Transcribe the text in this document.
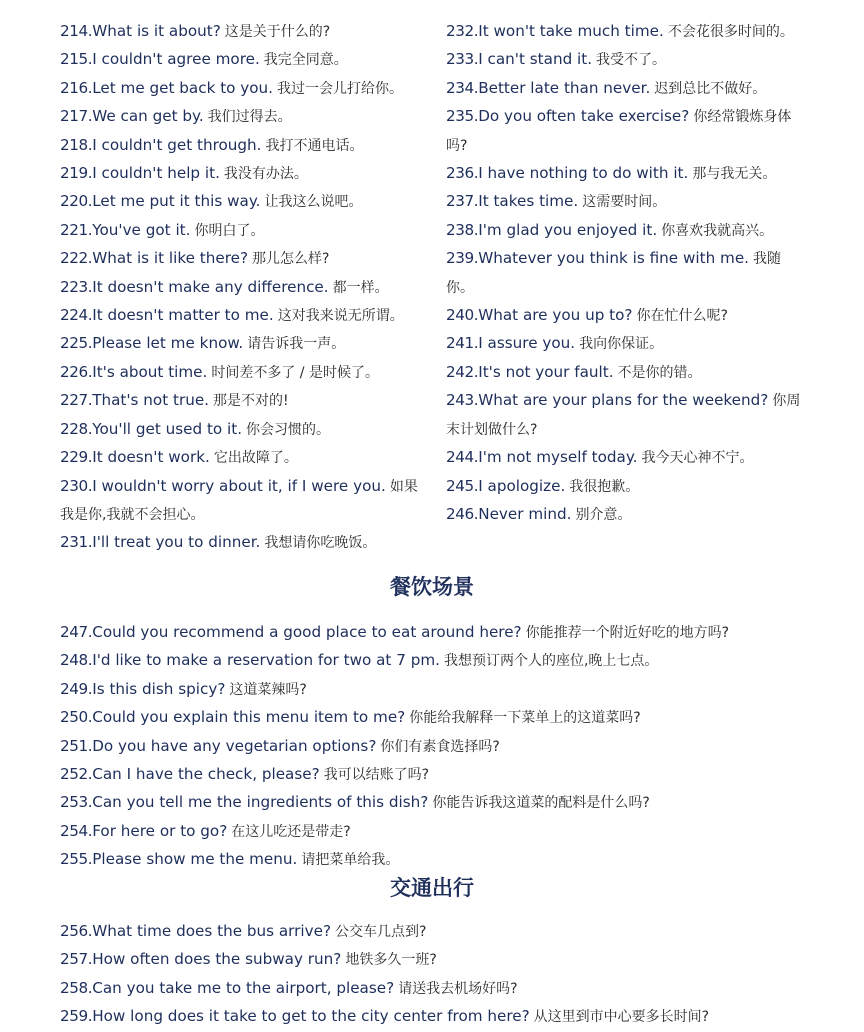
214.What is it about? 这是关于什么的?
215.I couldn't agree more. 我完全同意。
216.Let me get back to you. 我过一会儿打给你。
217.We can get by. 我们过得去。
218.I couldn't get through. 我打不通电话。
219.I couldn't help it. 我没有办法。
220.Let me put it this way. 让我这么说吧。
221.You've got it. 你明白了。
222.What is it like there? 那儿怎么样?
223.It doesn't make any difference. 都一样。
224.It doesn't matter to me. 这对我来说无所谓。
225.Please let me know. 请告诉我一声。
226.It's about time. 时间差不多了 / 是时候了。
227.That's not true. 那是不对的!
228.You'll get used to it. 你会习惯的。
229.It doesn't work. 它出故障了。
230.I wouldn't worry about it, if I were you. 如果我是你,我就不会担心。
231.I'll treat you to dinner. 我想请你吃晚饭。
232.It won't take much time. 不会花很多时间的。
233.I can't stand it. 我受不了。
234.Better late than never. 迟到总比不做好。
235.Do you often take exercise? 你经常锻炼身体吗?
236.I have nothing to do with it. 那与我无关。
237.It takes time. 这需要时间。
238.I'm glad you enjoyed it. 你喜欢我就高兴。
239.Whatever you think is fine with me. 我随你。
240.What are you up to? 你在忙什么呢?
241.I assure you. 我向你保证。
242.It's not your fault. 不是你的错。
243.What are your plans for the weekend? 你周末计划做什么?
244.I'm not myself today. 我今天心神不宁。
245.I apologize. 我很抱歉。
246.Never mind. 别介意。
餐饮场景
247.Could you recommend a good place to eat around here? 你能推荐一个附近好吃的地方吗?
248.I'd like to make a reservation for two at 7 pm. 我想预订两个人的座位,晚上七点。
249.Is this dish spicy? 这道菜辣吗?
250.Could you explain this menu item to me? 你能给我解释一下菜单上的这道菜吗?
251.Do you have any vegetarian options? 你们有素食选择吗?
252.Can I have the check, please? 我可以结账了吗?
253.Can you tell me the ingredients of this dish? 你能告诉我这道菜的配料是什么吗?
254.For here or to go? 在这儿吃还是带走?
255.Please show me the menu. 请把菜单给我。
交通出行
256.What time does the bus arrive? 公交车几点到?
257.How often does the subway run? 地铁多久一班?
258.Can you take me to the airport, please? 请送我去机场好吗?
259.How long does it take to get to the city center from here? 从这里到市中心要多长时间?
